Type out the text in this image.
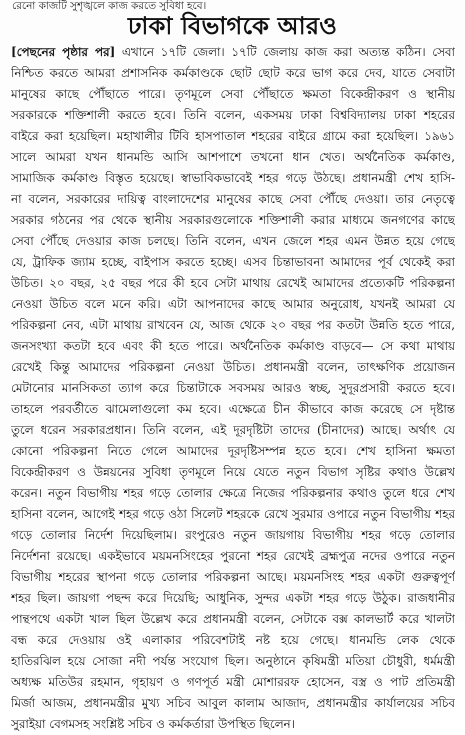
রেনো কাজটি সুশৃঙ্খলে কাজ করতে সুবিধা হবে।
ঢাকা বিভাগকে আরও
[পেছনের পৃষ্ঠার পর] এখানে ১৭টি জেলা। ১৭টি জেলায় কাজ করা অত্যন্ত কঠিন। সেবা
নিশ্চিত করতে আমরা প্রশাসনিক কর্মকাণ্ডকে ছোট ছোট করে ভাগ করে দেব, যাতে সেবাটা
মানুষের কাছে পৌঁছাতে পারে। তৃণমূলে সেবা পৌঁছাতে ক্ষমতা বিকেন্দ্রীকরণ ও স্থানীয়
সরকারকে শক্তিশালী করতে হবে। তিনি বলেন, একসময় ঢাকা বিশ্ববিদ্যালয় ঢাকা শহরের
বাইরে করা হয়েছিল। মহাখালীর টিবি হাসপাতাল শহরের বাইরে গ্রামে করা হয়েছিল। ১৯৬১
সালে আমরা যখন ধানমন্ডি আসি আশপাশে তখনো ধান খেত। অর্থনৈতিক কর্মকাণ্ড,
সামাজিক কর্মকাণ্ড বিস্তৃত হয়েছে। স্বাভাবিকভাবেই শহর গড়ে উঠছে। প্রধানমন্ত্রী শেখ হাসি-
না বলেন, সরকারের দায়িত্ব বাংলাদেশের মানুষের কাছে সেবা পৌঁছে দেওয়া। তার নেতৃত্বে
সরকার গঠনের পর থেকে স্থানীয় সরকারগুলোকে শক্তিশালী করার মাধ্যমে জনগণের কাছে
সেবা পৌঁছে দেওয়ার কাজ চলছে। তিনি বলেন, এখন জেলে শহর এমন উন্নত হয়ে গেছে
যে, ট্রাফিক জ্যাম হচ্ছে, বাইপাস করতে হচ্ছে। এসব চিন্তাভাবনা আমাদের পূর্ব থেকেই করা
উচিত। ২০ বছর, ২৫ বছর পরে কী হবে সেটা মাথায় রেখেই আমাদের প্রত্যেকটি পরিকল্পনা
নেওয়া উচিত বলে মনে করি। এটা আপনাদের কাছে আমার অনুরোধ, যখনই আমরা যে
পরিকল্পনা নেব, এটা মাথায় রাখবেন যে, আজ থেকে ২০ বছর পর কতটা উন্নতি হতে পারে,
জনসংখ্যা কতটা হবে এবং কী হতে পারে। অর্থনৈতিক কর্মকাণ্ড বাড়বে— সে কথা মাথায়
রেখেই কিন্তু আমাদের পরিকল্পনা নেওয়া উচিত। প্রধানমন্ত্রী বলেন, তাৎক্ষণিক প্রয়োজন
মেটানোর মানসিকতা ত্যাগ করে চিন্তাটাকে সবসময় আরও স্বচ্ছ, সুদূরপ্রসারী করতে হবে।
তাহলে পরবর্তীতে ঝামেলাগুলো কম হবে। এক্ষেত্রে চীন কীভাবে কাজ করেছে সে দৃষ্টান্ত
তুলে ধরেন সরকারপ্রধান। তিনি বলেন, এই দূরদৃষ্টিটা তাদের (চীনাদের) আছে। অর্থাৎ যে
কোনো পরিকল্পনা নিতে গেলে আমাদের দূরদৃষ্টিসম্পন্ন হতে হবে। শেখ হাসিনা ক্ষমতা
বিকেন্দ্রীকরণ ও উন্নয়নের সুবিধা তৃণমূলে নিয়ে যেতে নতুন বিভাগ সৃষ্টির কথাও উল্লেখ
করেন। নতুন বিভাগীয় শহর গড়ে তোলার ক্ষেত্রে নিজের পরিকল্পনার কথাও তুলে ধরে শেখ
হাসিনা বলেন, আগেই শহর গড়ে ওঠা সিলেট শহরকে রেখে সুরমার ওপারে নতুন বিভাগীয় শহর
গড়ে তোলার নির্দেশ দিয়েছিলাম। রংপুরেও নতুন জায়গায় বিভাগীয় শহর গড়ে তোলার
নির্দেশনা রয়েছে। একইভাবে ময়মনসিংহের পুরনো শহর রেখেই ব্রহ্মপুত্র নদের ওপারে নতুন
বিভাগীয় শহরের স্থাপনা গড়ে তোলার পরিকল্পনা আছে। ময়মনসিংহ শহর একটা গুরুত্বপূর্ণ
শহর ছিল। জায়গা পছন্দ করে দিয়েছি; আধুনিক, সুন্দর একটা শহর গড়ে উঠুক। রাজধানীর
পান্থপথে একটা খাল ছিল উল্লেখ করে প্রধানমন্ত্রী বলেন, সেটাকে বক্স কালভার্ট করে খালটা
বন্ধ করে দেওয়ায় ওই এলাকার পরিবেশটাই নষ্ট হয়ে গেছে। ধানমন্ডি লেক থেকে
হাতিরঝিল হয়ে সোজা নদী পর্যন্ত সংযোগ ছিল। অনুষ্ঠানে কৃষিমন্ত্রী মতিয়া চৌধুরী, ধর্মমন্ত্রী
অধ্যক্ষ মতিউর রহমান, গৃহায়ণ ও গণপূর্ত মন্ত্রী মোশাররফ হোসেন, বস্ত্র ও পাট প্রতিমন্ত্রী
মির্জা আজম, প্রধানমন্ত্রীর মুখ্য সচিব আবুল কালাম আজাদ, প্রধানমন্ত্রীর কার্যালয়ের সচিব
সুরাইয়া বেগমসহ সংশ্লিষ্ট সচিব ও কর্মকর্তারা উপস্থিত ছিলেন।
